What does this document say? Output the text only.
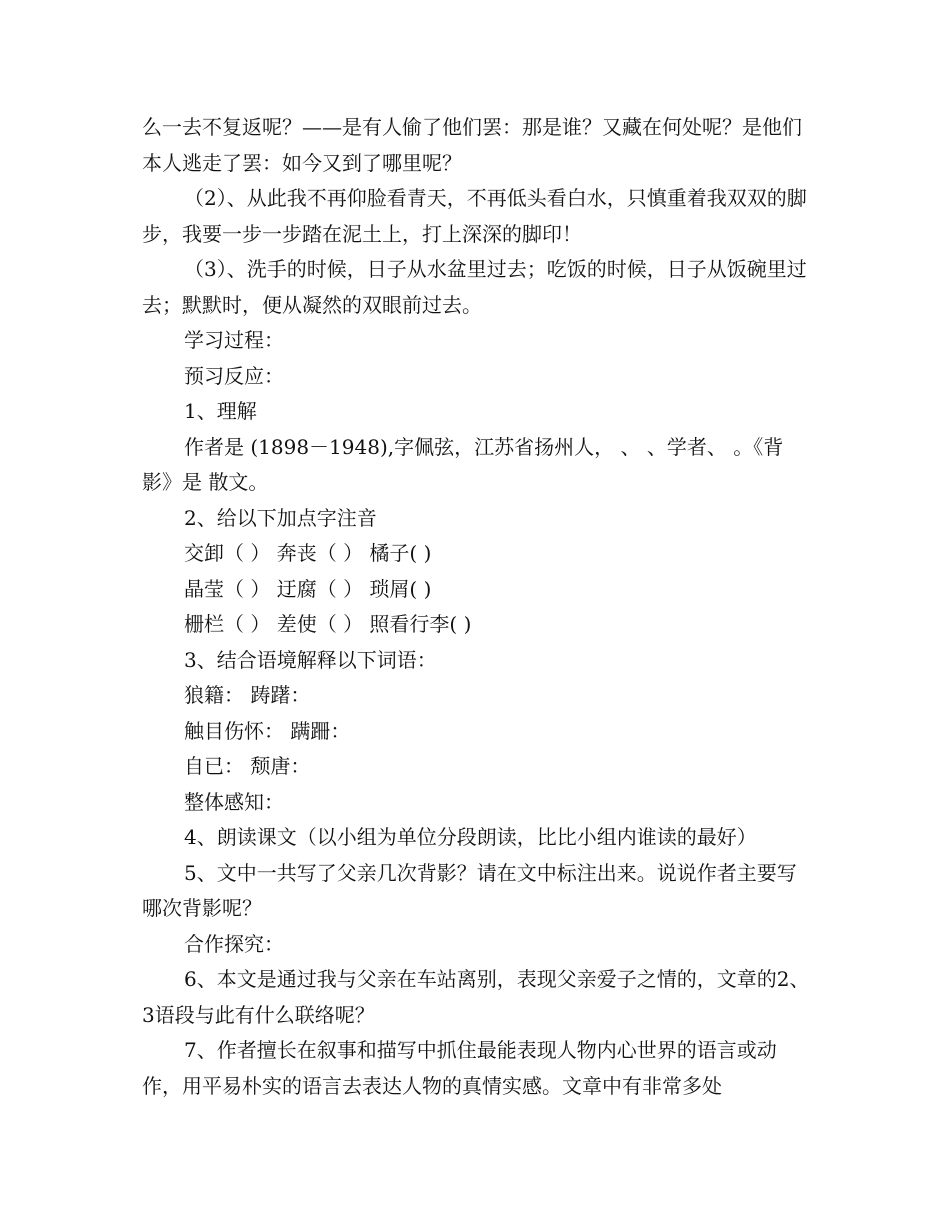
么一去不复返呢？——是有人偷了他们罢：那是谁？又藏在何处呢？是他们本人逃走了罢：如今又到了哪里呢？

（2）、从此我不再仰脸看青天，不再低头看白水，只慎重着我双双的脚步，我要一步一步踏在泥土上，打上深深的脚印！

（3）、洗手的时候，日子从水盆里过去；吃饭的时候，日子从饭碗里过去；默默时，便从凝然的双眼前过去。

学习过程：

预习反应：

1、理解

作者是 (1898－1948),字佩弦，江苏省扬州人， 、 、学者、 。《背影》是 散文。

2、给以下加点字注音

交卸（ ） 奔丧（ ） 橘子( )

晶莹（ ） 迂腐（ ） 琐屑( )

栅栏（ ） 差使（ ） 照看行李( )

3、结合语境解释以下词语：

狼籍： 踌躇：

触目伤怀： 蹒跚：

自已： 颓唐：

整体感知：

4、朗读课文（以小组为单位分段朗读，比比小组内谁读的最好）

5、文中一共写了父亲几次背影？请在文中标注出来。说说作者主要写哪次背影呢？

合作探究：

6、本文是通过我与父亲在车站离别，表现父亲爱子之情的，文章的2、3语段与此有什么联络呢？

7、作者擅长在叙事和描写中抓住最能表现人物内心世界的语言或动作，用平易朴实的语言去表达人物的真情实感。文章中有非常多处
